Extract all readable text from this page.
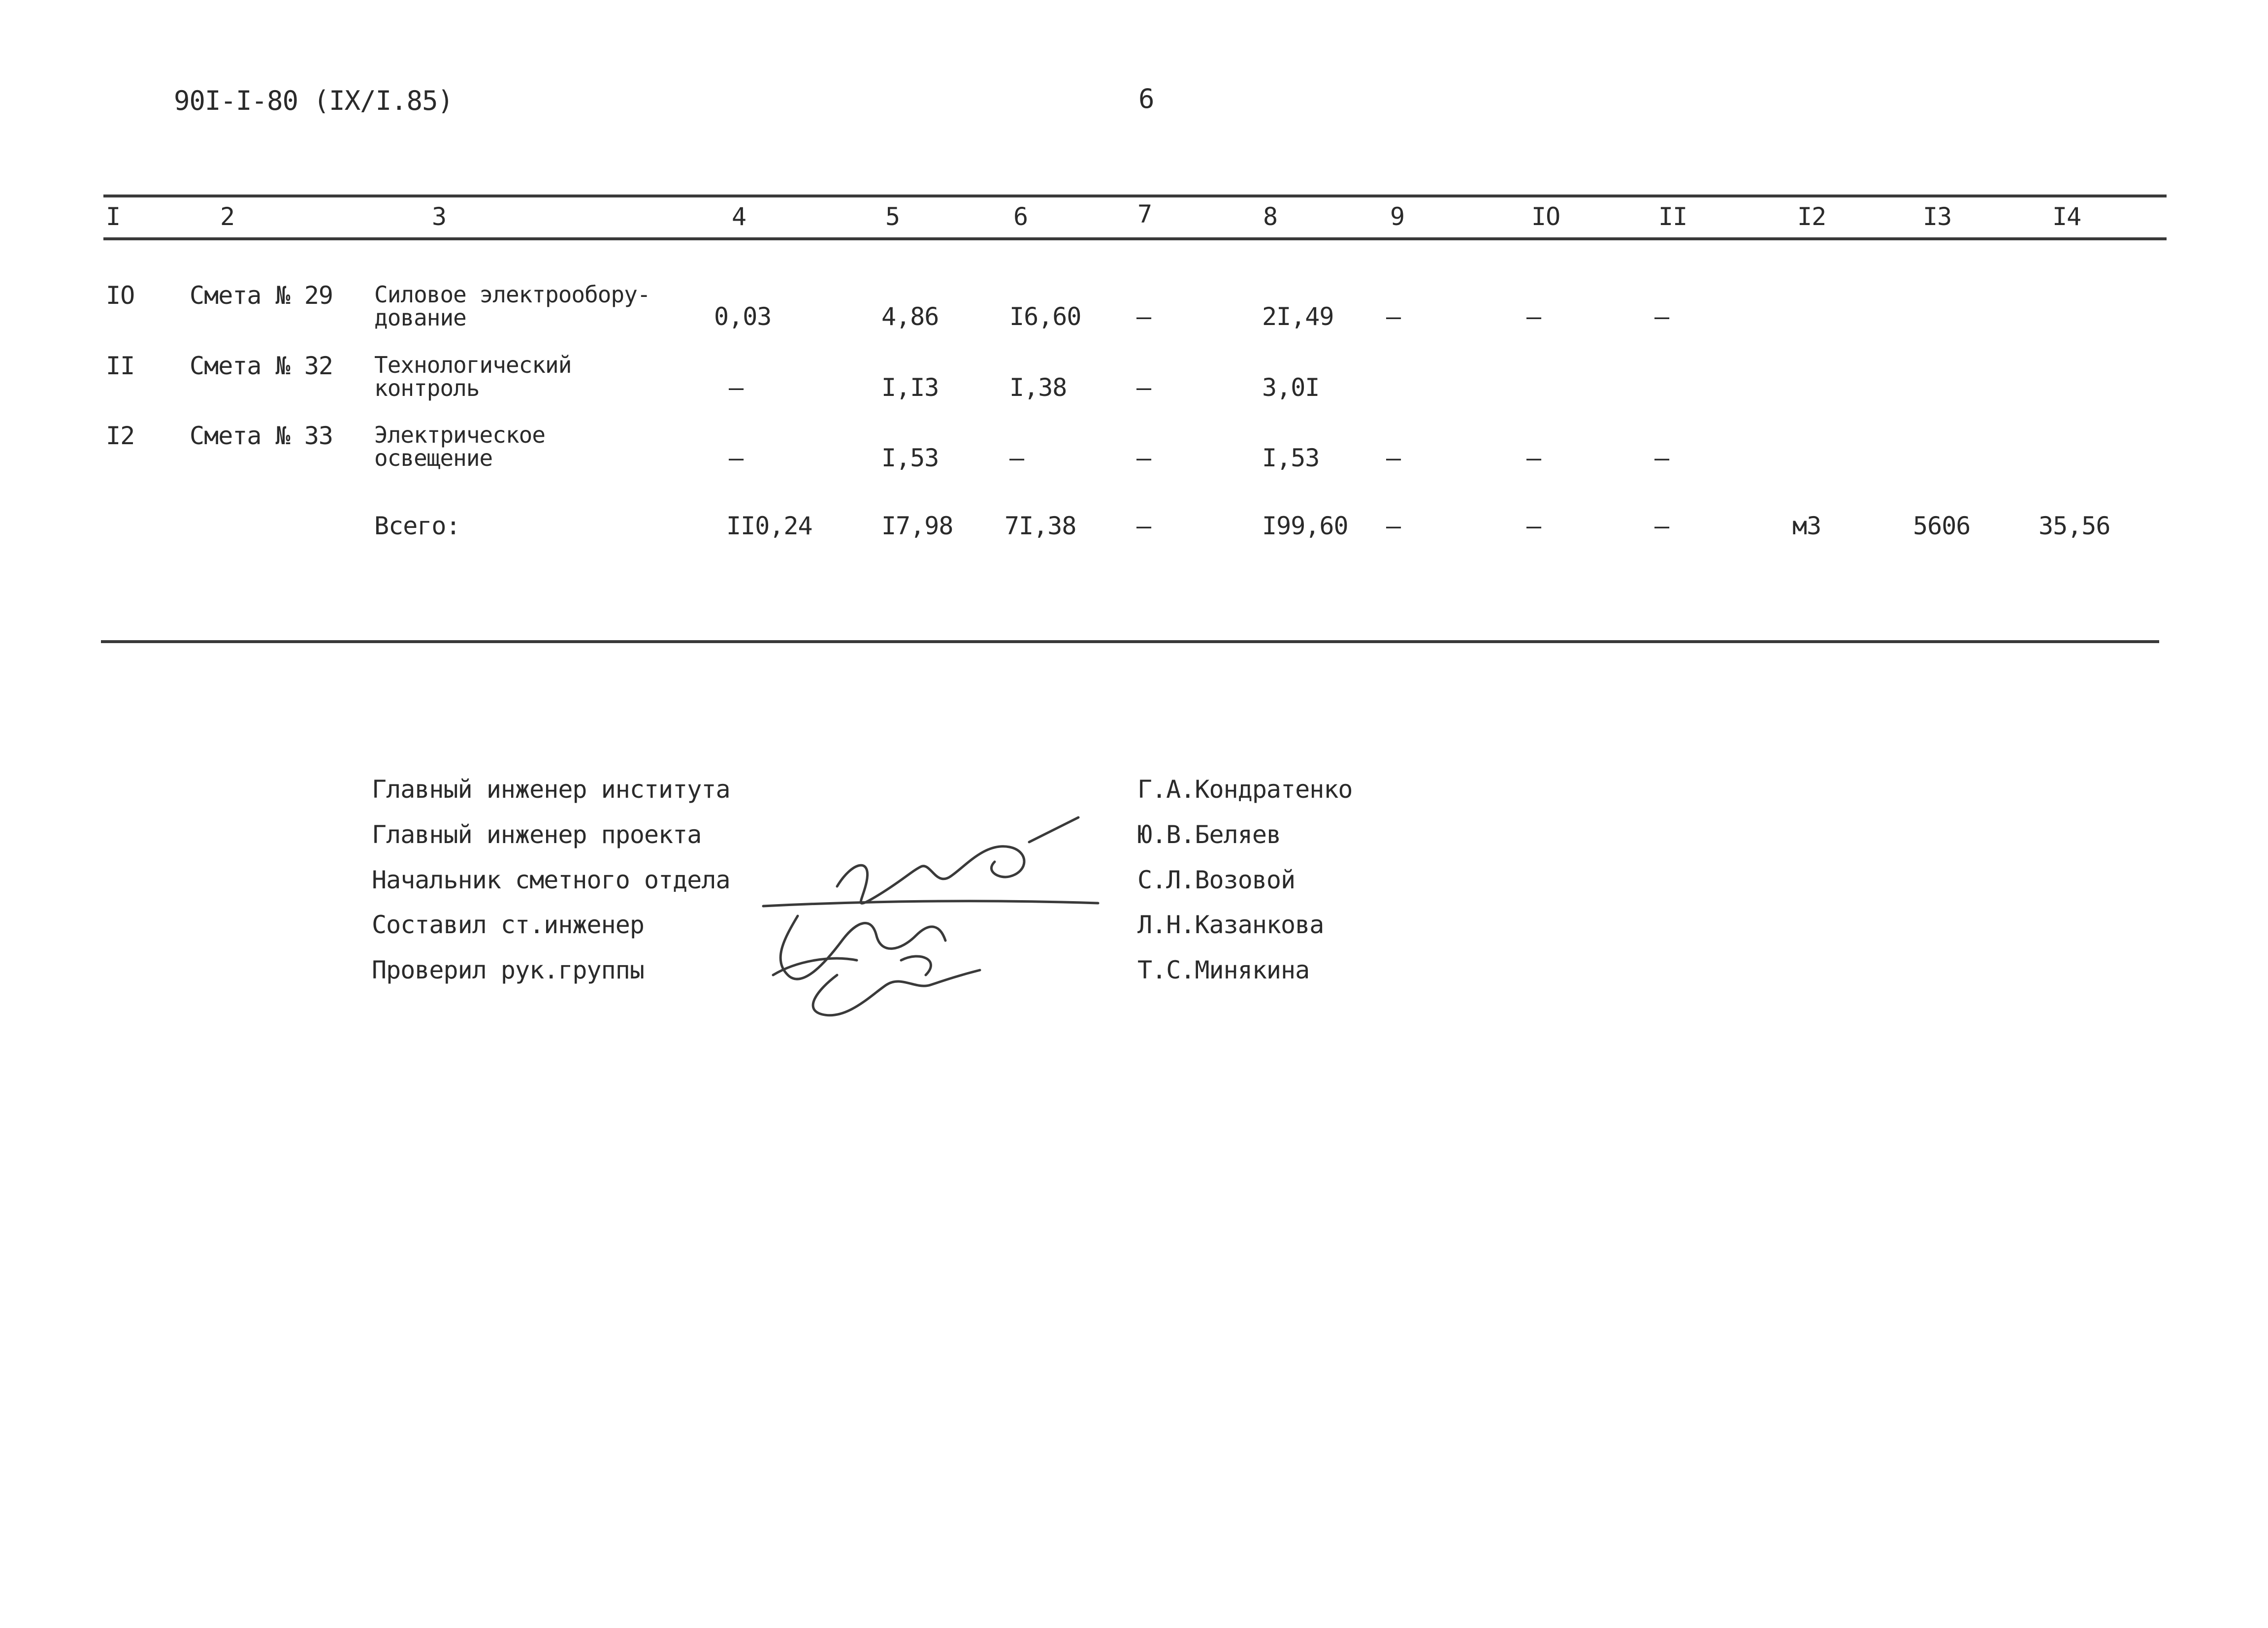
90I-I-80 (IX/I.85)	6
I	2	3	4	5	6	7	8	9	IO	II	I2	I3	I4
IO Смета № 29 Силовое электрообору-
дование	0,03	4,86	I6,60 –	2I,49 –	–	–
II Смета № 32 Технологический
контроль	–	I,I3	I,38	–	3,0I
I2 Смета № 33 Электрическое
освещение	–	I,53	–	–	I,53	–	–	–
Всего:	II0,24	I7,98 7I,38 –	I99,60 –	–	–	м3	5606	35,56
Главный инженер института
Главный инженер проекта
Начальник сметного отдела
Составил ст.инженер
Проверил рук.группы
Г.А.Кондратенко
Ю.В.Беляев
С.Л.Возовой
Л.Н.Казанкова
Т.С.Минякина
